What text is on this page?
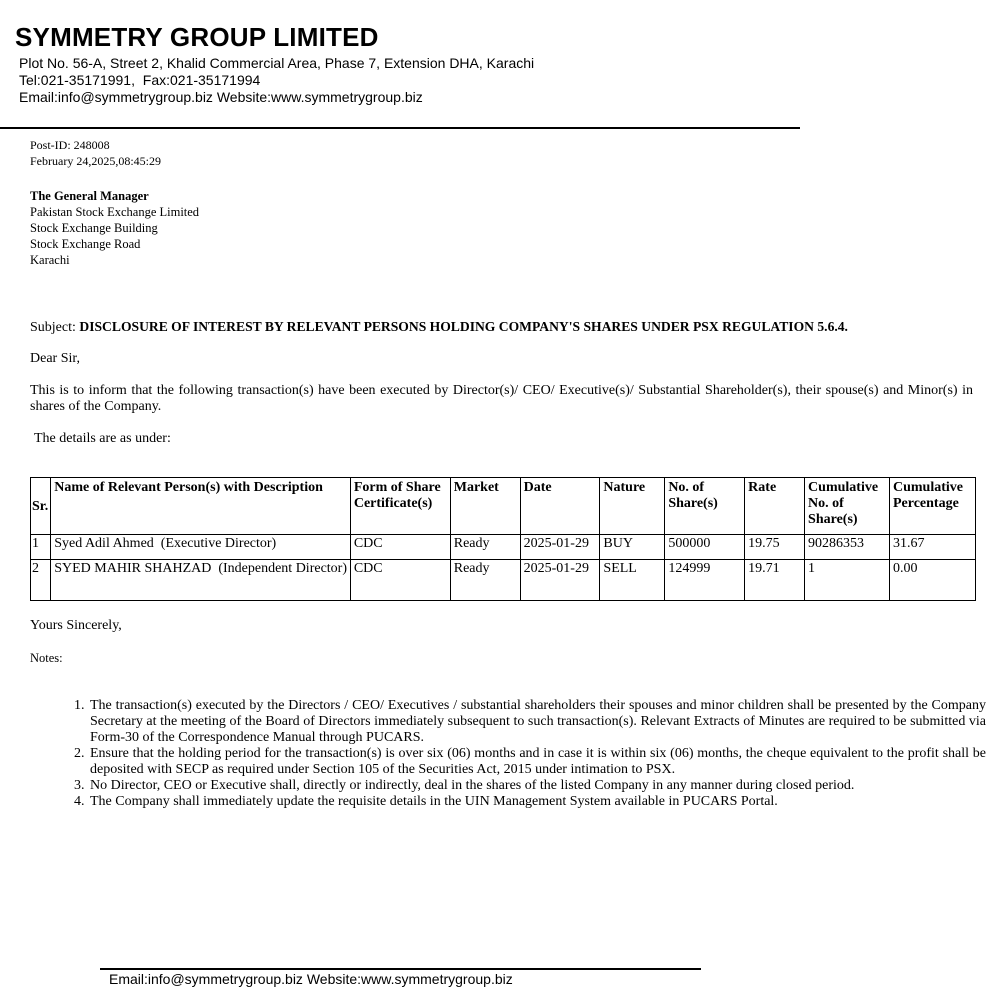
SYMMETRY GROUP LIMITED
Plot No. 56-A, Street 2, Khalid Commercial Area, Phase 7, Extension DHA, Karachi
Tel:021-35171991,  Fax:021-35171994
Email:info@symmetrygroup.biz Website:www.symmetrygroup.biz
Post-ID: 248008
February 24,2025,08:45:29
The General Manager
Pakistan Stock Exchange Limited
Stock Exchange Building
Stock Exchange Road
Karachi
Subject: DISCLOSURE OF INTEREST BY RELEVANT PERSONS HOLDING COMPANY'S SHARES UNDER PSX REGULATION 5.6.4.
Dear Sir,
This is to inform that the following transaction(s) have been executed by Director(s)/ CEO/ Executive(s)/ Substantial Shareholder(s), their spouse(s) and Minor(s) in shares of the Company.
The details are as under:
Sr.	Name of Relevant Person(s) with Description	Form of Share Certificate(s)	Market	Date	Nature	No. of Share(s)	Rate	Cumulative No. of Share(s)	Cumulative Percentage
1	Syed Adil Ahmed  (Executive Director)	CDC	Ready	2025-01-29	BUY	500000	19.75	90286353	31.67
2	SYED MAHIR SHAHZAD  (Independent Director)	CDC	Ready	2025-01-29	SELL	124999	19.71	1	0.00
Yours Sincerely,
Notes:
1. The transaction(s) executed by the Directors / CEO/ Executives / substantial shareholders their spouses and minor children shall be presented by the Company Secretary at the meeting of the Board of Directors immediately subsequent to such transaction(s). Relevant Extracts of Minutes are required to be submitted via Form-30 of the Correspondence Manual through PUCARS.
2. Ensure that the holding period for the transaction(s) is over six (06) months and in case it is within six (06) months, the cheque equivalent to the profit shall be deposited with SECP as required under Section 105 of the Securities Act, 2015 under intimation to PSX.
3. No Director, CEO or Executive shall, directly or indirectly, deal in the shares of the listed Company in any manner during closed period.
4. The Company shall immediately update the requisite details in the UIN Management System available in PUCARS Portal.
Email:info@symmetrygroup.biz Website:www.symmetrygroup.biz
